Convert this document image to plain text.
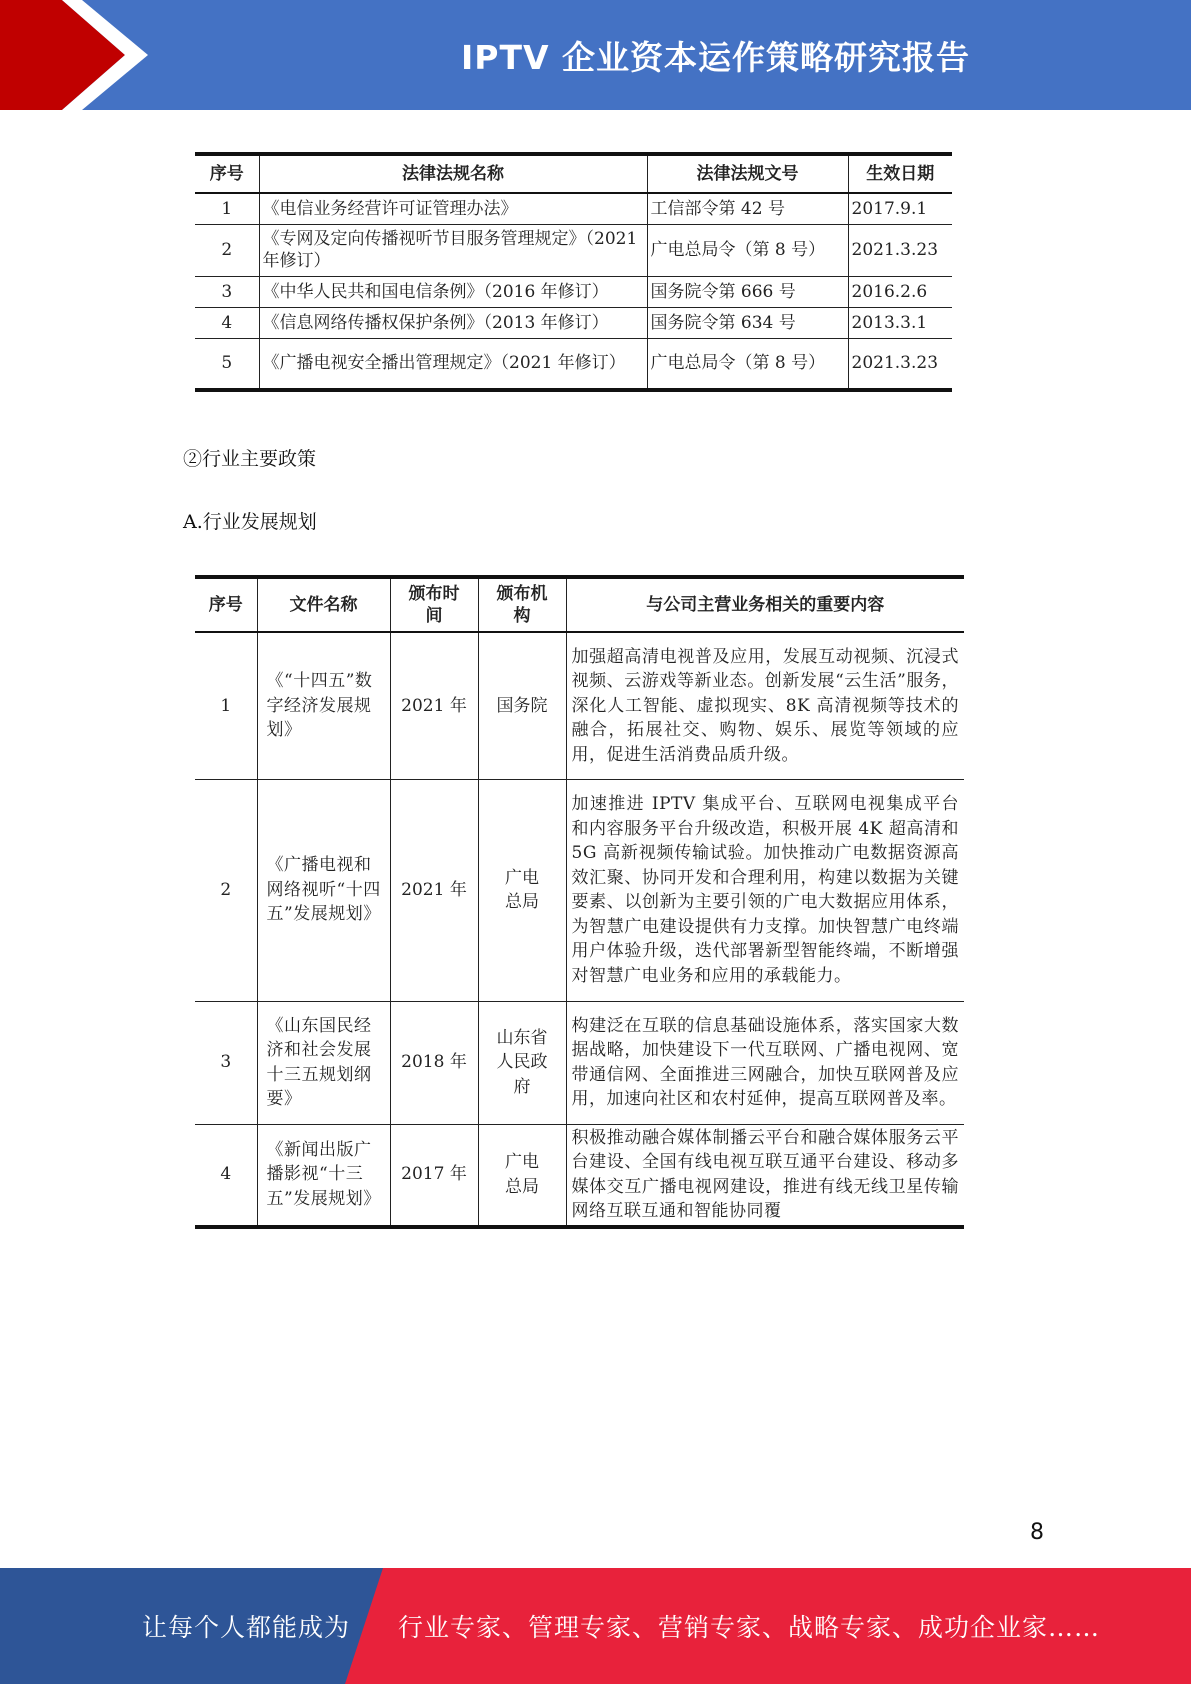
IPTV 企业资本运作策略研究报告
序号	法律法规名称	法律法规文号	生效日期
1	《电信业务经营许可证管理办法》	工信部令第 42 号	2017.9.1
2	《专网及定向传播视听节目服务管理规定》（2021 年修订）	广电总局令（第 8 号）	2021.3.23
3	《中华人民共和国电信条例》（2016 年修订）	国务院令第 666 号	2016.2.6
4	《信息网络传播权保护条例》（2013 年修订）	国务院令第 634 号	2013.3.1
5	《广播电视安全播出管理规定》（2021 年修订）	广电总局令（第 8 号）	2021.3.23
②行业主要政策
A.行业发展规划
序号	文件名称	颁布时间	颁布机构	与公司主营业务相关的重要内容
1	《“十四五”数字经济发展规划》	2021 年	国务院	加强超高清电视普及应用，发展互动视频、沉浸式视频、云游戏等新业态。创新发展“云生活”服务，深化人工智能、虚拟现实、8K 高清视频等技术的融合，拓展社交、购物、娱乐、展览等领域的应用，促进生活消费品质升级。
2	《广播电视和网络视听“十四五”发展规划》	2021 年	广电总局	加速推进 IPTV 集成平台、互联网电视集成平台和内容服务平台升级改造，积极开展 4K 超高清和 5G 高新视频传输试验。加快推动广电数据资源高效汇聚、协同开发和合理利用，构建以数据为关键要素、以创新为主要引领的广电大数据应用体系，为智慧广电建设提供有力支撑。加快智慧广电终端用户体验升级，迭代部署新型智能终端，不断增强对智慧广电业务和应用的承载能力。
3	《山东国民经济和社会发展十三五规划纲要》	2018 年	山东省人民政府	构建泛在互联的信息基础设施体系，落实国家大数据战略，加快建设下一代互联网、广播电视网、宽带通信网、全面推进三网融合，加快互联网普及应用，加速向社区和农村延伸，提高互联网普及率。
4	《新闻出版广播影视“十三五”发展规划》	2017 年	广电总局	积极推动融合媒体制播云平台和融合媒体服务云平台建设、全国有线电视互联互通平台建设、移动多媒体交互广播电视网建设，推进有线无线卫星传输网络互联互通和智能协同覆
8
让每个人都能成为 行业专家、管理专家、营销专家、战略专家、成功企业家……
